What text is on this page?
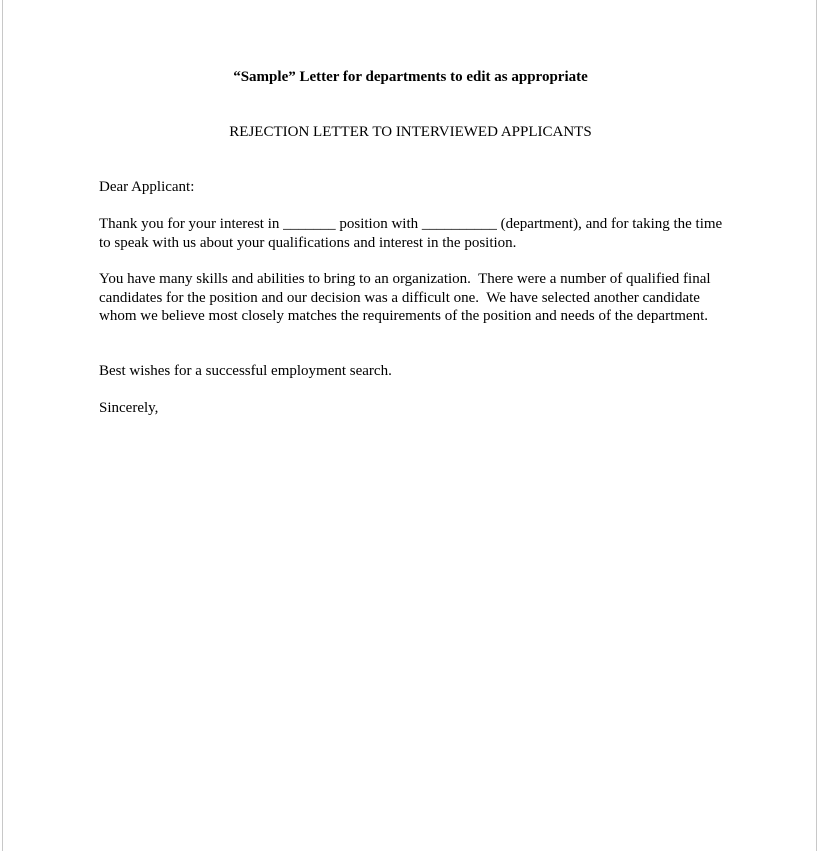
“Sample” Letter for departments to edit as appropriate

REJECTION LETTER TO INTERVIEWED APPLICANTS

Dear Applicant:

Thank you for your interest in _______ position with __________ (department), and for taking the time to speak with us about your qualifications and interest in the position.

You have many skills and abilities to bring to an organization.  There were a number of qualified final candidates for the position and our decision was a difficult one.  We have selected another candidate whom we believe most closely matches the requirements of the position and needs of the department.

Best wishes for a successful employment search.

Sincerely,
